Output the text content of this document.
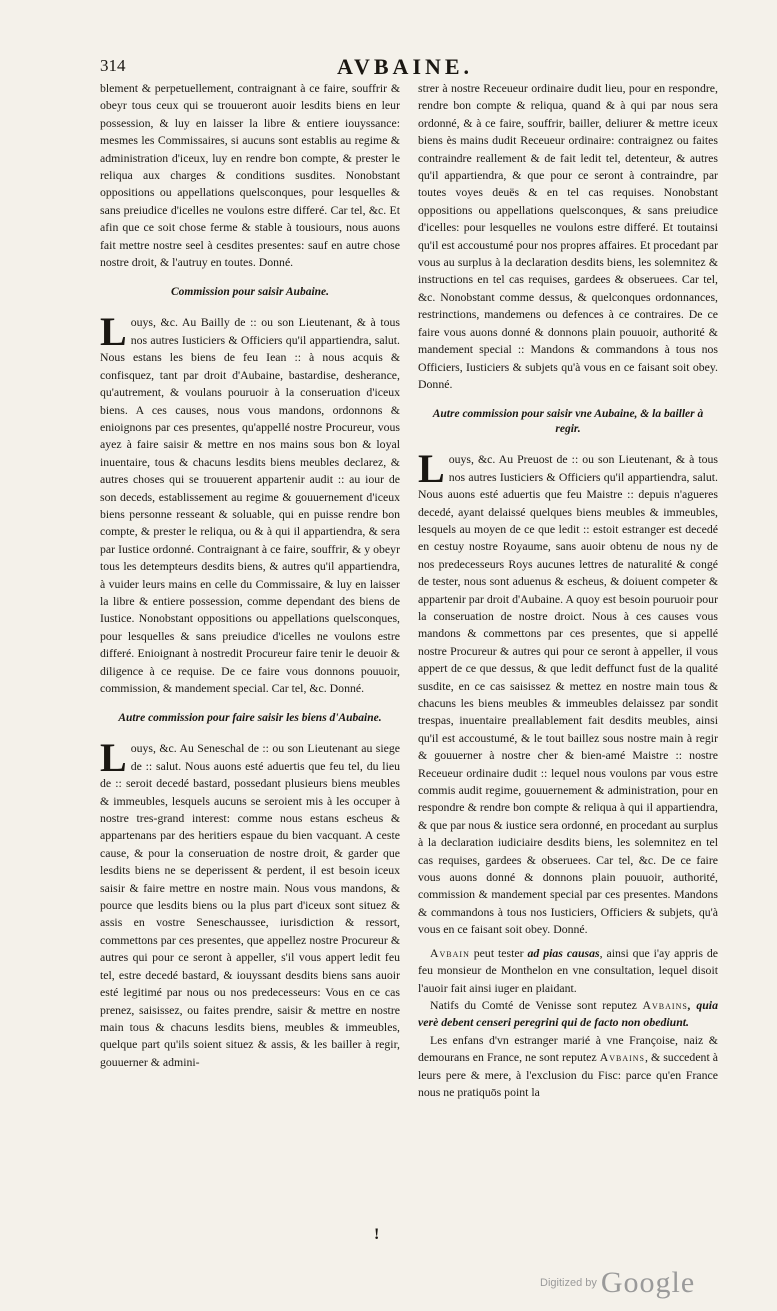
314	AVBAINE.

blement & perpetuellement, contraignant à ce faire, souffrir & obeyr tous ceux qui se trouueront auoir lesdits biens en leur possession, & luy en laisser la libre & entiere iouyssance: mesmes les Commissaires, si aucuns sont establis au regime & administration d'iceux, luy en rendre bon compte, & prester le reliqua aux charges & conditions susdites. Nonobstant oppositions ou appellations quelsconques, pour lesquelles & sans preiudice d'icelles ne voulons estre differé. Car tel, &c. Et afin que ce soit chose ferme & stable à tousiours, nous auons fait mettre nostre seel à cesdites presentes: sauf en autre chose nostre droit, & l'autruy en toutes. Donné.

Commission pour saisir Aubaine.

Louys, &c. Au Bailly de :: ou son Lieutenant, & à tous nos autres Iusticiers & Officiers qu'il appartiendra, salut. Nous estans les biens de feu Iean :: à nous acquis & confisquez, tant par droit d'Aubaine, bastardise, desherance, qu'autrement, & voulans pouruoir à la conseruation d'iceux biens. A ces causes, nous vous mandons, ordonnons & enioignons par ces presentes, qu'appellé nostre Procureur, vous ayez à faire saisir & mettre en nos mains sous bon & loyal inuentaire, tous & chacuns lesdits biens meubles declarez, & autres choses qui se trouuerent appartenir audit :: au iour de son deceds, establissement au regime & gouuernement d'iceux biens personne resseant & soluable, qui en puisse rendre bon compte, & prester le reliqua, ou & à qui il appartiendra, & sera par Iustice ordonné. Contraignant à ce faire, souffrir, & y obeyr tous les detempteurs desdits biens, & autres qu'il appartiendra, à vuider leurs mains en celle du Commissaire, & luy en laisser la libre & entiere possession, comme dependant des biens de Iustice. Nonobstant oppositions ou appellations quelsconques, pour lesquelles & sans preiudice d'icelles ne voulons estre differé. Enioignant à nostredit Procureur faire tenir le deuoir & diligence à ce requise. De ce faire vous donnons pouuoir, commission, & mandement special. Car tel, &c. Donné.

Autre commission pour faire saisir les biens d'Aubaine.

Louys, &c. Au Seneschal de :: ou son Lieutenant au siege de :: salut. Nous auons esté aduertis que feu tel, du lieu de :: seroit decedé bastard, possedant plusieurs biens meubles & immeubles, lesquels aucuns se seroient mis à les occuper à nostre tres-grand interest: comme nous estans escheus & appartenans par des heritiers espaue du bien vacquant. A ceste cause, & pour la conseruation de nostre droit, & garder que lesdits biens ne se deperissent & perdent, il est besoin iceux saisir & faire mettre en nostre main. Nous vous mandons, & pource que lesdits biens ou la plus part d'iceux sont situez & assis en vostre Seneschaussee, iurisdiction & ressort, commettons par ces presentes, que appellez nostre Procureur & autres qui pour ce seront à appeller, s'il vous appert ledit feu tel, estre decedé bastard, & iouyssant desdits biens sans auoir esté legitimé par nous ou nos predecesseurs: Vous en ce cas prenez, saisissez, ou faites prendre, saisir & mettre en nostre main tous & chacuns lesdits biens, meubles & immeubles, quelque part qu'ils soient situez & assis, & les bailler à regir, gouuerner & admini-

strer à nostre Receueur ordinaire dudit lieu, pour en respondre, rendre bon compte & reliqua, quand & à qui par nous sera ordonné, & à ce faire, souffrir, bailler, deliurer & mettre iceux biens ès mains dudit Receueur ordinaire: contraignez ou faites contraindre reallement & de fait ledit tel, detenteur, & autres qu'il appartiendra, & que pour ce seront à contraindre, par toutes voyes deuës & en tel cas requises. Nonobstant oppositions ou appellations quelsconques, & sans preiudice d'icelles: pour lesquelles ne voulons estre differé. Et toutainsi qu'il est accoustumé pour nos propres affaires. Et procedant par vous au surplus à la declaration desdits biens, les solemnitez & instructions en tel cas requises, gardees & obseruees. Car tel, &c. Nonobstant comme dessus, & quelconques ordonnances, restrinctions, mandemens ou defences à ce contraires. De ce faire vous auons donné & donnons plain pouuoir, authorité & mandement special :: Mandons & commandons à tous nos Officiers, Iusticiers & subjets qu'à vous en ce faisant soit obey. Donné.

Autre commission pour saisir vne Aubaine, & la bailler à regir.

Louys, &c. Au Preuost de :: ou son Lieutenant, & à tous nos autres Iusticiers & Officiers qu'il appartiendra, salut. Nous auons esté aduertis que feu Maistre :: depuis n'agueres decedé, ayant delaissé quelques biens meubles & immeubles, lesquels au moyen de ce que ledit :: estoit estranger est decedé en cestuy nostre Royaume, sans auoir obtenu de nous ny de nos predecesseurs Roys aucunes lettres de naturalité & congé de tester, nous sont aduenus & escheus, & doiuent competer & appartenir par droit d'Aubaine. A quoy est besoin pouruoir pour la conseruation de nostre droict. Nous à ces causes vous mandons & commettons par ces presentes, que si appellé nostre Procureur & autres qui pour ce seront à appeller, il vous appert de ce que dessus, & que ledit deffunct fust de la qualité susdite, en ce cas saisissez & mettez en nostre main tous & chacuns les biens meubles & immeubles delaissez par sondit trespas, inuentaire preallablement fait desdits meubles, ainsi qu'il est accoustumé, & le tout baillez sous nostre main à regir & gouuerner à nostre cher & bien-amé Maistre :: nostre Receueur ordinaire dudit :: lequel nous voulons par vous estre commis audit regime, gouuernement & administration, pour en respondre & rendre bon compte & reliqua à qui il appartiendra, & que par nous & iustice sera ordonné, en procedant au surplus à la declaration iudiciaire desdits biens, les solemnitez en tel cas requises, gardees & obseruees. Car tel, &c. De ce faire vous auons donné & donnons plain pouuoir, authorité, commission & mandement special par ces presentes. Mandons & commandons à tous nos Iusticiers, Officiers & subjets, qu'à vous en ce faisant soit obey. Donné.

Avbain peut tester ad pias causas, ainsi que i'ay appris de feu monsieur de Monthelon en vne consultation, lequel disoit l'auoir fait ainsi iuger en plaidant.

Natifs du Comté de Venisse sont reputez Avbains, quia verè debent censeri peregrini qui de facto non obediunt.

Les enfans d'vn estranger marié à vne Françoise, naiz & demourans en France, ne sont reputez Avbains, & succedent à leurs pere & mere, à l'exclusion du Fisc: parce qu'en France nous ne pratiquōs point la

!
Digitized by Google
